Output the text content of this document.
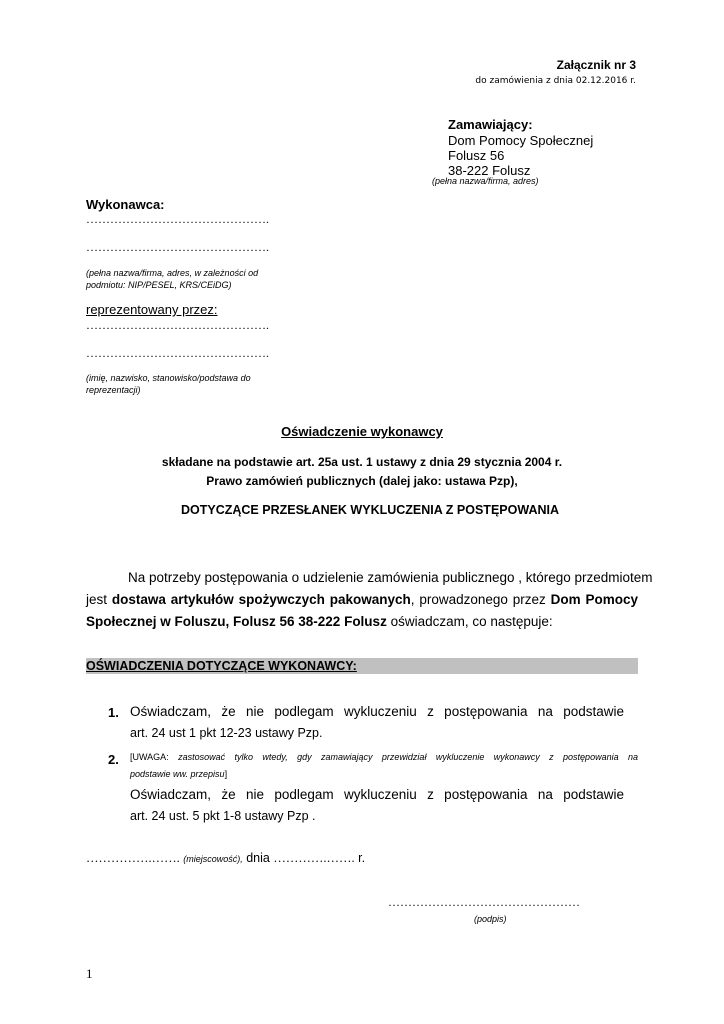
Załącznik nr 3
do zamówienia z dnia 02.12.2016 r.
Zamawiający:
Dom Pomocy Społecznej
Folusz 56
38-222 Folusz
(pełna nazwa/firma, adres)
Wykonawca:
……………………………………….
……………………………………….
(pełna nazwa/firma, adres, w zależności od
podmiotu: NIP/PESEL, KRS/CEiDG)
reprezentowany przez:
……………………………………….
……………………………………….
(imię, nazwisko, stanowisko/podstawa do
reprezentacji)
Oświadczenie wykonawcy
składane na podstawie art. 25a ust. 1 ustawy z dnia 29 stycznia 2004 r.
Prawo zamówień publicznych (dalej jako: ustawa Pzp),
DOTYCZĄCE PRZESŁANEK WYKLUCZENIA Z POSTĘPOWANIA
Na potrzeby postępowania o udzielenie zamówienia publicznego , którego przedmiotem
jest dostawa artykułów spożywczych pakowanych, prowadzonego przez Dom Pomocy
Społecznej w Foluszu, Folusz 56 38-222 Folusz oświadczam, co następuje:
OŚWIADCZENIA DOTYCZĄCE WYKONAWCY:
1. Oświadczam, że nie podlegam wykluczeniu z postępowania na podstawie
art. 24 ust 1 pkt 12-23 ustawy Pzp.
2. [UWAGA: zastosować tylko wtedy, gdy zamawiający przewidział wykluczenie wykonawcy z postępowania na
podstawie ww. przepisu]
Oświadczam, że nie podlegam wykluczeniu z postępowania na podstawie
art. 24 ust. 5 pkt 1-8 ustawy Pzp .
…………….……. (miejscowość), dnia ………….……. r.
…………………………………………
(podpis)
1
